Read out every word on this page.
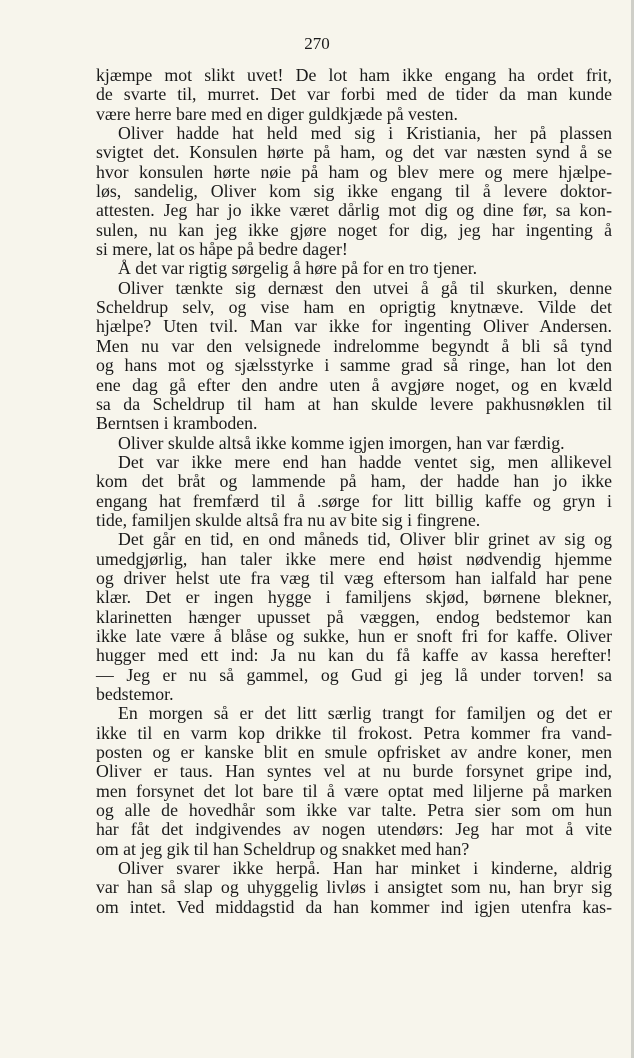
270
kjæmpe mot slikt uvet! De lot ham ikke engang ha ordet frit,
de svarte til, murret. Det var forbi med de tider da man kunde
være herre bare med en diger guldkjæde på vesten.
Oliver hadde hat held med sig i Kristiania, her på plassen
svigtet det. Konsulen hørte på ham, og det var næsten synd å se
hvor konsulen hørte nøie på ham og blev mere og mere hjælpe-
løs, sandelig, Oliver kom sig ikke engang til å levere doktor-
attesten. Jeg har jo ikke været dårlig mot dig og dine før, sa kon-
sulen, nu kan jeg ikke gjøre noget for dig, jeg har ingenting å
si mere, lat os håpe på bedre dager!
Å det var rigtig sørgelig å høre på for en tro tjener.
Oliver tænkte sig dernæst den utvei å gå til skurken, denne
Scheldrup selv, og vise ham en oprigtig knytnæve. Vilde det
hjælpe? Uten tvil. Man var ikke for ingenting Oliver Andersen.
Men nu var den velsignede indrelomme begyndt å bli så tynd
og hans mot og sjælsstyrke i samme grad så ringe, han lot den
ene dag gå efter den andre uten å avgjøre noget, og en kvæld
sa da Scheldrup til ham at han skulde levere pakhusnøklen til
Berntsen i kramboden.
Oliver skulde altså ikke komme igjen imorgen, han var færdig.
Det var ikke mere end han hadde ventet sig, men allikevel
kom det bråt og lammende på ham, der hadde han jo ikke
engang hat fremfærd til å .sørge for litt billig kaffe og gryn i
tide, familjen skulde altså fra nu av bite sig i fingrene.
Det går en tid, en ond måneds tid, Oliver blir grinet av sig og
umedgjørlig, han taler ikke mere end høist nødvendig hjemme
og driver helst ute fra væg til væg eftersom han ialfald har pene
klær. Det er ingen hygge i familjens skjød, børnene blekner,
klarinetten hænger upusset på væggen, endog bedstemor kan
ikke late være å blåse og sukke, hun er snoft fri for kaffe. Oliver
hugger med ett ind: Ja nu kan du få kaffe av kassa herefter!
— Jeg er nu så gammel, og Gud gi jeg lå under torven! sa
bedstemor.
En morgen så er det litt særlig trangt for familjen og det er
ikke til en varm kop drikke til frokost. Petra kommer fra vand-
posten og er kanske blit en smule opfrisket av andre koner, men
Oliver er taus. Han syntes vel at nu burde forsynet gripe ind,
men forsynet det lot bare til å være optat med liljerne på marken
og alle de hovedhår som ikke var talte. Petra sier som om hun
har fåt det indgivendes av nogen utendørs: Jeg har mot å vite
om at jeg gik til han Scheldrup og snakket med han?
Oliver svarer ikke herpå. Han har minket i kinderne, aldrig
var han så slap og uhyggelig livløs i ansigtet som nu, han bryr sig
om intet. Ved middagstid da han kommer ind igjen utenfra kas-
